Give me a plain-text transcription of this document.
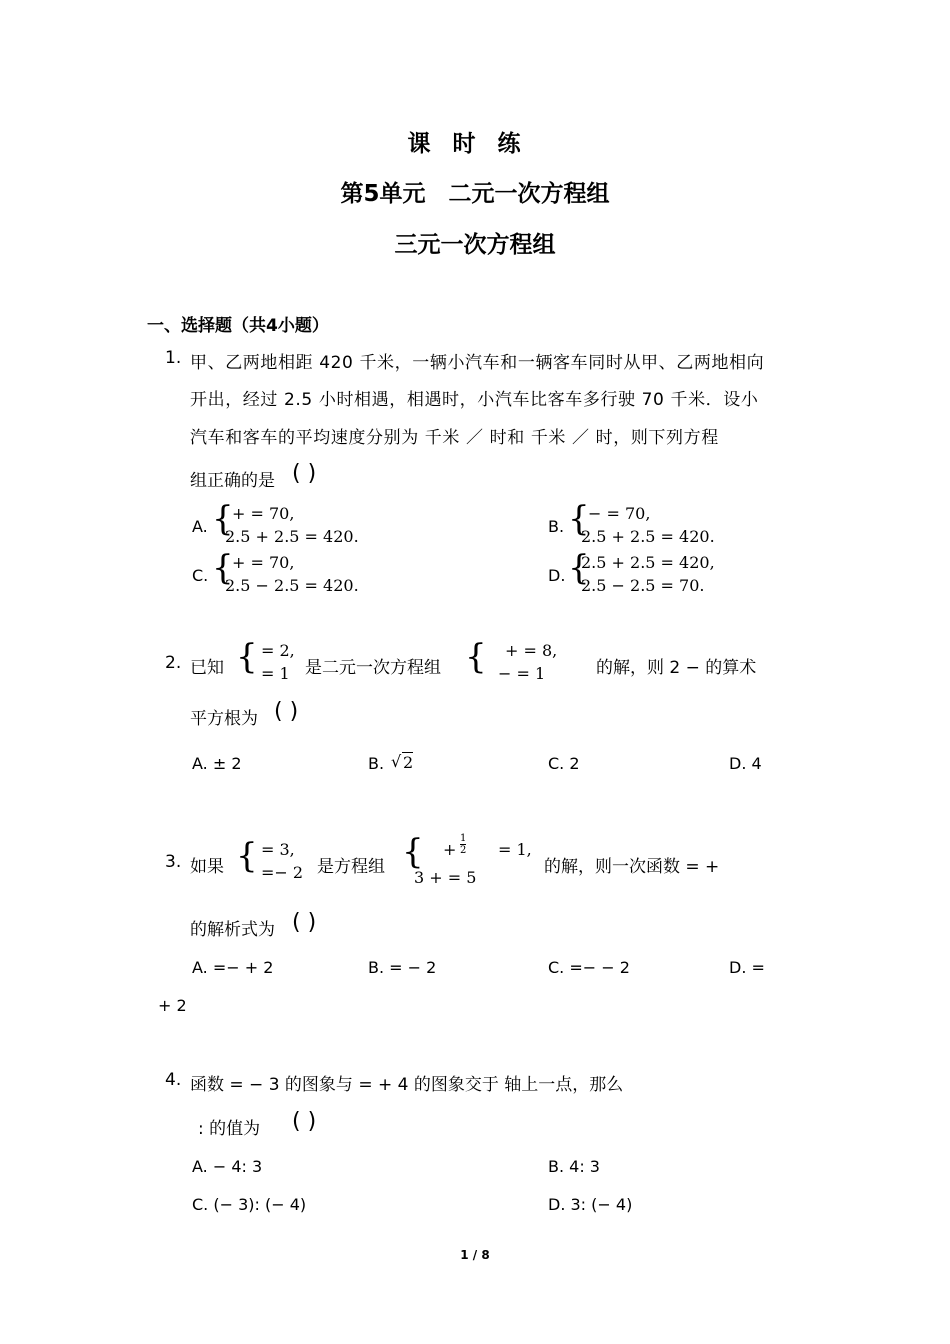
课时练
第5单元　二元一次方程组
三元一次方程组
一、选择题（共4小题）
1. 甲、乙两地相距 420 千米，一辆小汽车和一辆客车同时从甲、乙两地相向
开出，经过 2.5 小时相遇，相遇时，小汽车比客车多行驶 70 千米．设小
汽车和客车的平均速度分别为 千米 ／ 时和 千米 ／ 时，则下列方程
组正确的是 ( )
A. {
+ = 70,
2.5 + 2.5 = 420.
B. {
− = 70,
2.5 + 2.5 = 420.
C. {
+ = 70,
2.5 − 2.5 = 420.
D. {
2.5 + 2.5 = 420,
2.5 − 2.5 = 70.
2. 已知 { = 2,
= 1 是二元一次方程组 { + = 8,
− = 1	的解，则 2 − 的算术
平方根为 ( )
A. ± 2	B. √ 2	C. 2	D. 4
3. 如果 { = 3,
=− 2 是方程组 { + $\frac{1}{2} = 1$,
3 + = 5
的解，则一次函数 = +
的解析式为 ( )
A. =− + 2	B. = − 2	C. =− − 2	D. =
+ 2
4. 函数 = − 3 的图象与 = + 4 的图象交于 轴上一点，那么
: 的值为 ( )
A. − 4: 3	B. 4: 3
C. (− 3): (− 4)	D. 3: (− 4)
1 / 8
